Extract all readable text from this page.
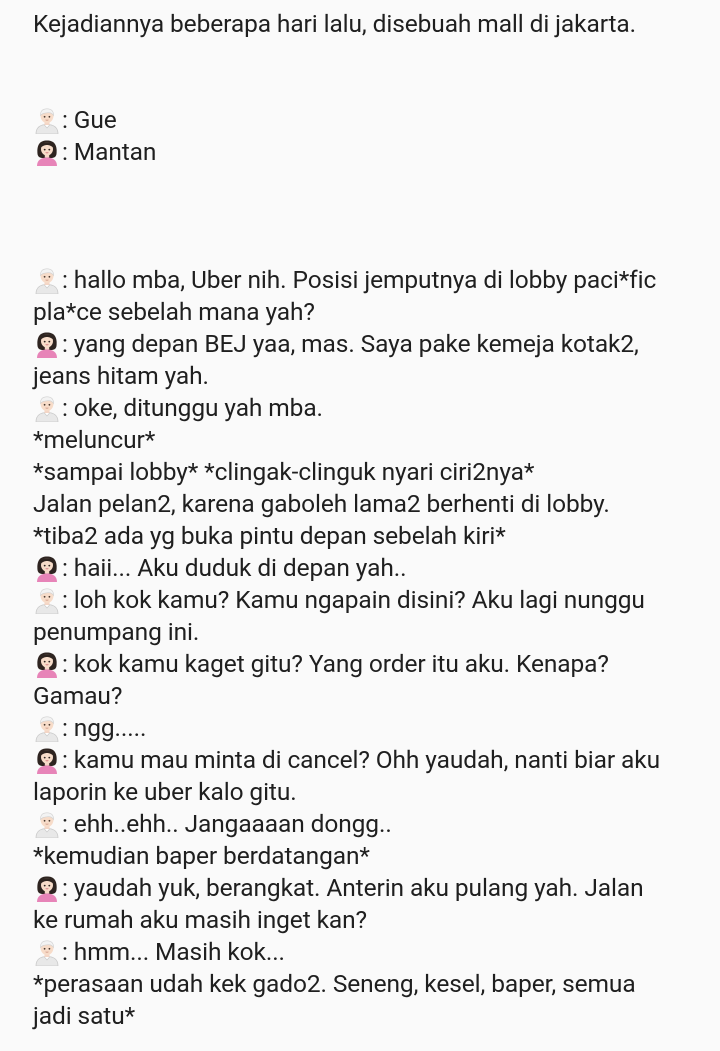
Kejadiannya beberapa hari lalu, disebuah mall di jakarta.
: Gue
: Mantan
: hallo mba, Uber nih. Posisi jemputnya di lobby paci*fic
pla*ce sebelah mana yah?
: yang depan BEJ yaa, mas. Saya pake kemeja kotak2,
jeans hitam yah.
: oke, ditunggu yah mba.
*meluncur*
*sampai lobby* *clingak-clinguk nyari ciri2nya*
Jalan pelan2, karena gaboleh lama2 berhenti di lobby.
*tiba2 ada yg buka pintu depan sebelah kiri*
: haii... Aku duduk di depan yah..
: loh kok kamu? Kamu ngapain disini? Aku lagi nunggu
penumpang ini.
: kok kamu kaget gitu? Yang order itu aku. Kenapa?
Gamau?
: ngg.....
: kamu mau minta di cancel? Ohh yaudah, nanti biar aku
laporin ke uber kalo gitu.
: ehh..ehh.. Jangaaaan dongg..
*kemudian baper berdatangan*
: yaudah yuk, berangkat. Anterin aku pulang yah. Jalan
ke rumah aku masih inget kan?
: hmm... Masih kok...
*perasaan udah kek gado2. Seneng, kesel, baper, semua
jadi satu*
